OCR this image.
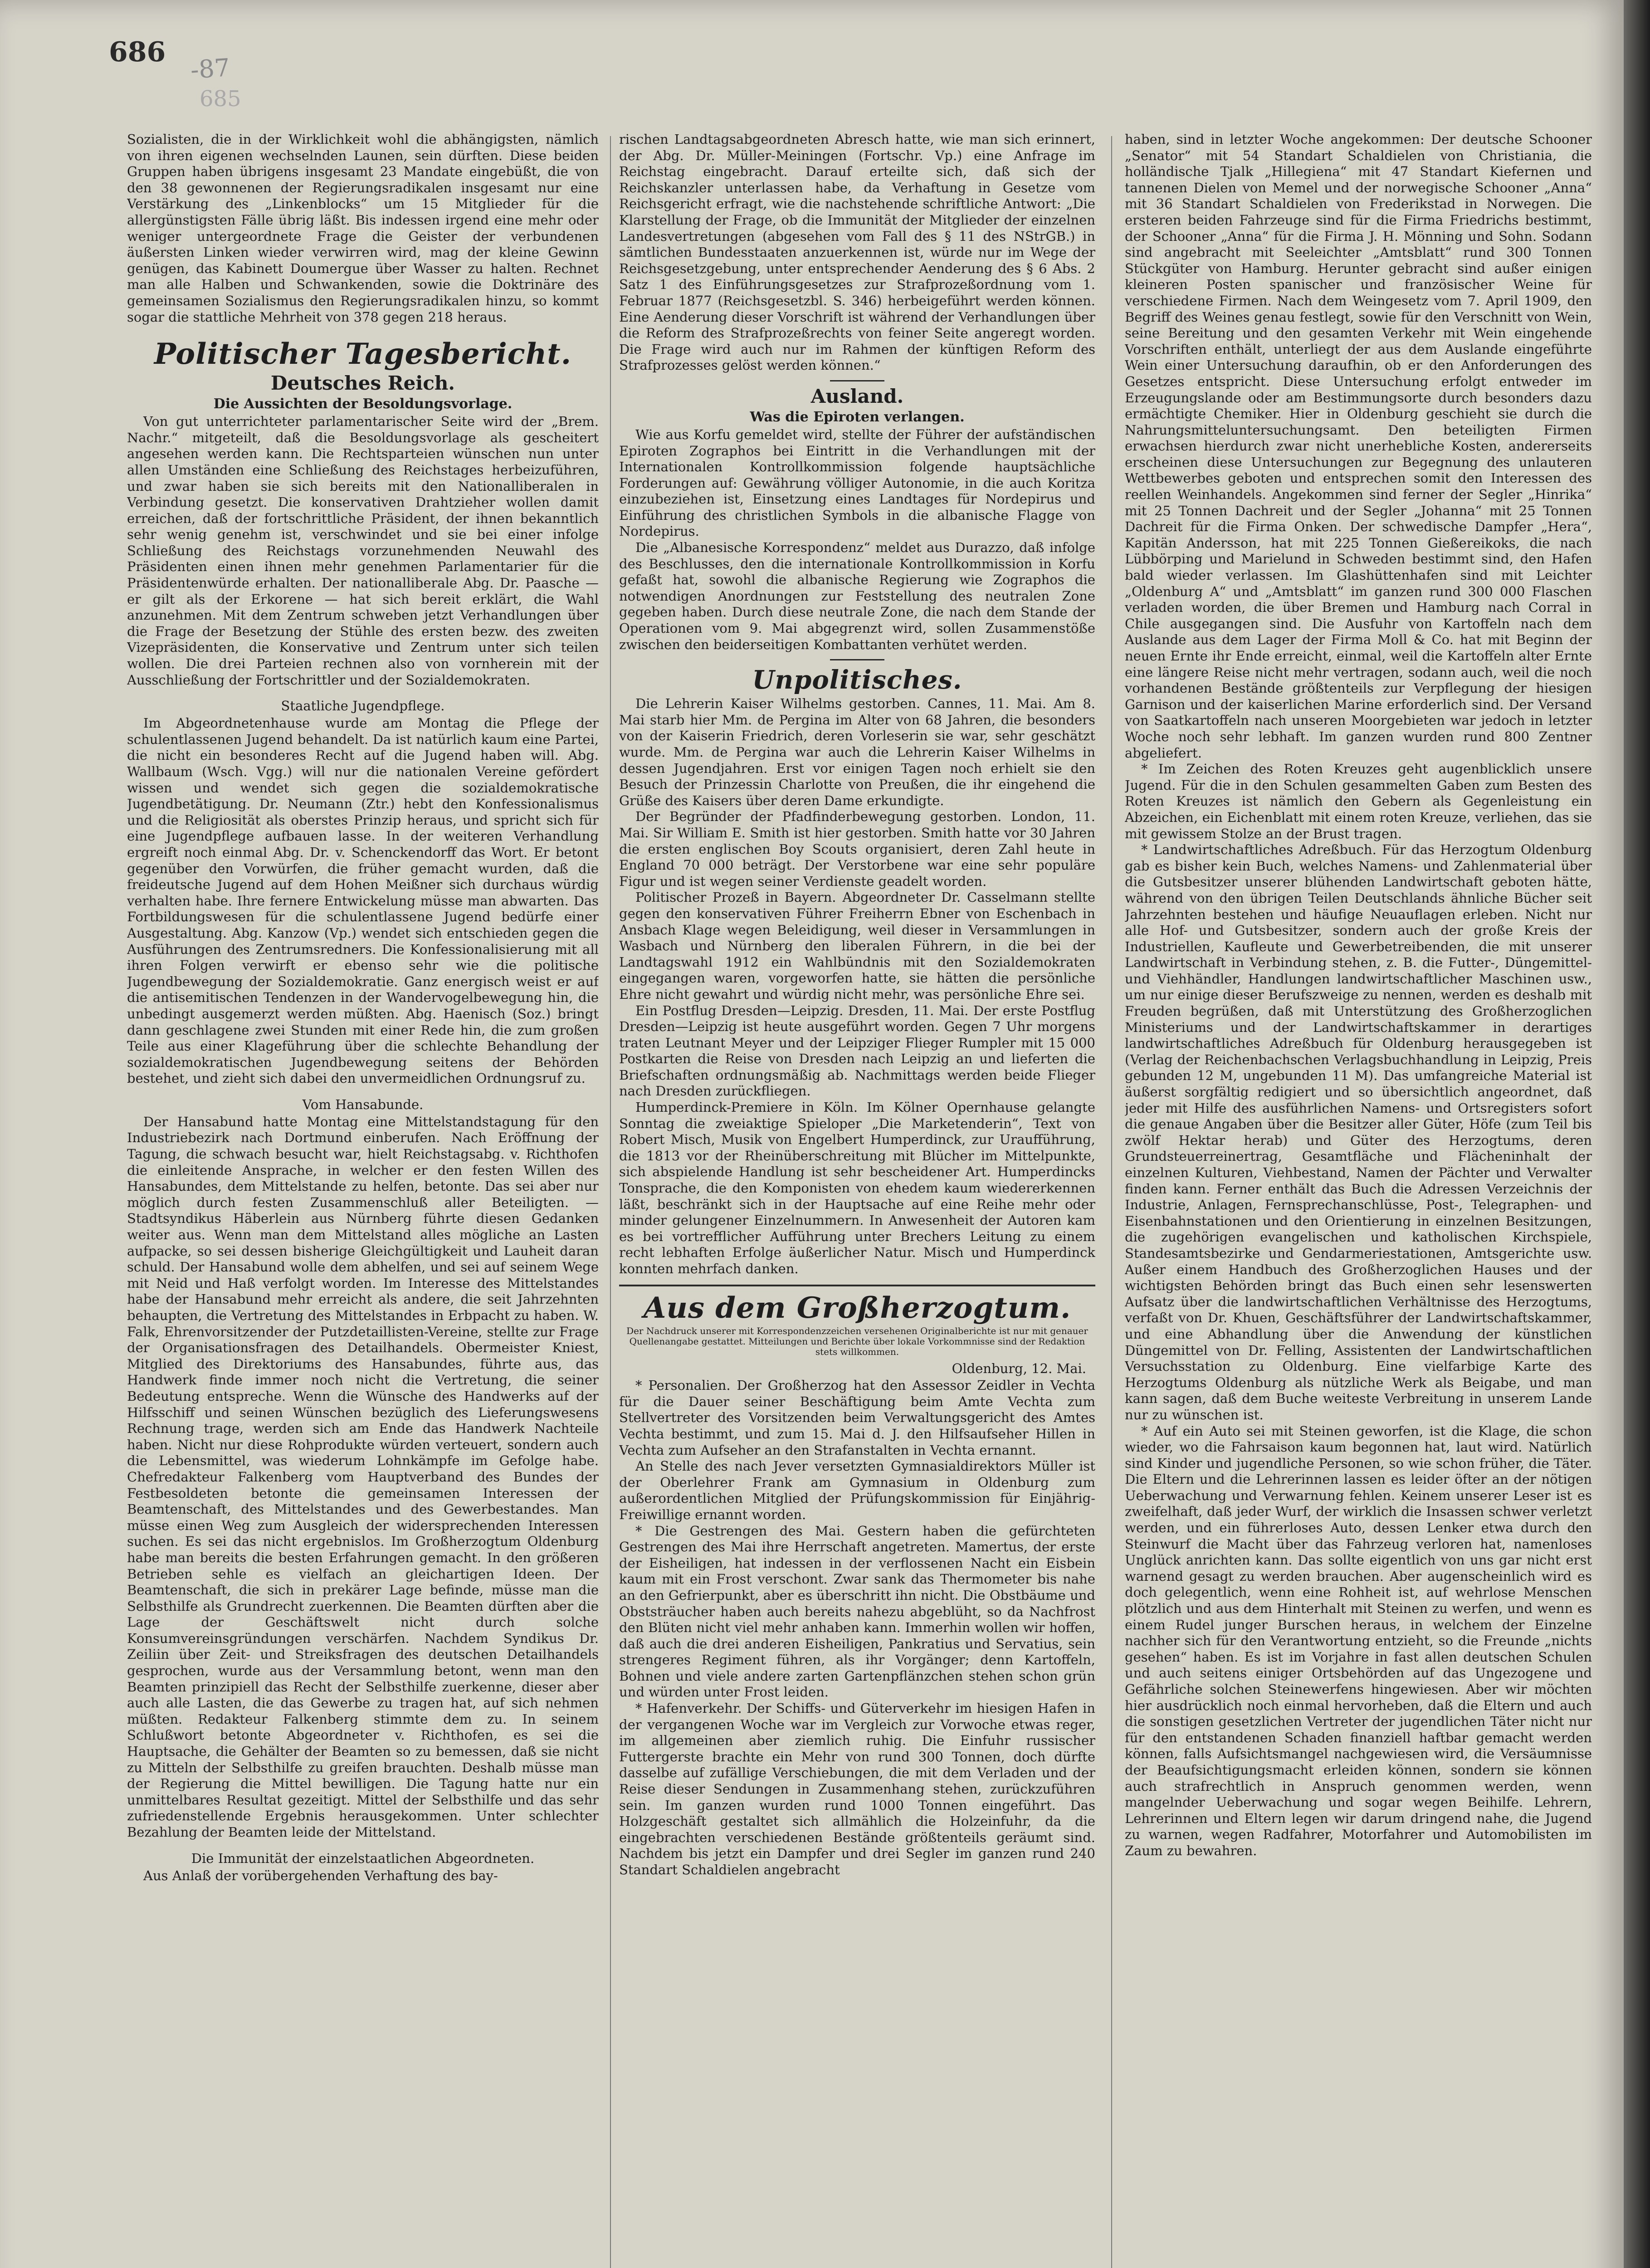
686
-87
685

Sozialisten, die in der Wirklichkeit wohl die abhängigsten, nämlich von ihren eigenen wechselnden Launen, sein dürften. Diese beiden Gruppen haben übrigens insgesamt 23 Mandate eingebüßt, die von den 38 gewonnenen der Regierungsradikalen insgesamt nur eine Verstärkung des „Linkenblocks“ um 15 Mitglieder für die allergünstigsten Fälle übrig läßt. Bis indessen irgend eine mehr oder weniger untergeordnete Frage die Geister der verbundenen äußersten Linken wieder verwirren wird, mag der kleine Gewinn genügen, das Kabinett Doumergue über Wasser zu halten. Rechnet man alle Halben und Schwankenden, sowie die Doktrinäre des gemeinsamen Sozialismus den Regierungsradikalen hinzu, so kommt sogar die stattliche Mehrheit von 378 gegen 218 heraus.

Politischer Tagesbericht.
Deutsches Reich.
Die Aussichten der Besoldungsvorlage.

Von gut unterrichteter parlamentarischer Seite wird der „Brem. Nachr.“ mitgeteilt, daß die Besoldungsvorlage als gescheitert angesehen werden kann. Die Rechtsparteien wünschen nun unter allen Umständen eine Schließung des Reichstages herbeizuführen, und zwar haben sie sich bereits mit den Nationalliberalen in Verbindung gesetzt. Die konservativen Drahtzieher wollen damit erreichen, daß der fortschrittliche Präsident, der ihnen bekanntlich sehr wenig genehm ist, verschwindet und sie bei einer infolge Schließung des Reichstags vorzunehmenden Neuwahl des Präsidenten einen ihnen mehr genehmen Parlamentarier für die Präsidentenwürde erhalten. Der nationalliberale Abg. Dr. Paasche — er gilt als der Erkorene — hat sich bereit erklärt, die Wahl anzunehmen. Mit dem Zentrum schweben jetzt Verhandlungen über die Frage der Besetzung der Stühle des ersten bezw. des zweiten Vizepräsidenten, die Konservative und Zentrum unter sich teilen wollen. Die drei Parteien rechnen also von vornherein mit der Ausschließung der Fortschrittler und der Sozialdemokraten.

Staatliche Jugendpflege.

Im Abgeordnetenhause wurde am Montag die Pflege der schulentlassenen Jugend behandelt. Da ist natürlich kaum eine Partei, die nicht ein besonderes Recht auf die Jugend haben will. Abg. Wallbaum (Wsch. Vgg.) will nur die nationalen Vereine gefördert wissen und wendet sich gegen die sozialdemokratische Jugendbetätigung. Dr. Neumann (Ztr.) hebt den Konfessionalismus und die Religiosität als oberstes Prinzip heraus, und spricht sich für eine Jugendpflege aufbauen lasse. In der weiteren Verhandlung ergreift noch einmal Abg. Dr. v. Schenckendorff das Wort. Er betont gegenüber den Vorwürfen, die früher gemacht wurden, daß die freideutsche Jugend auf dem Hohen Meißner sich durchaus würdig verhalten habe. Ihre fernere Entwickelung müsse man abwarten. Das Fortbildungswesen für die schulentlassene Jugend bedürfe einer Ausgestaltung. Abg. Kanzow (Vp.) wendet sich entschieden gegen die Ausführungen des Zentrumsredners. Die Konfessionalisierung mit all ihren Folgen verwirft er ebenso sehr wie die politische Jugendbewegung der Sozialdemokratie. Ganz energisch weist er auf die antisemitischen Tendenzen in der Wandervogelbewegung hin, die unbedingt ausgemerzt werden müßten. Abg. Haenisch (Soz.) bringt dann geschlagene zwei Stunden mit einer Rede hin, die zum großen Teile aus einer Klageführung über die schlechte Behandlung der sozialdemokratischen Jugendbewegung seitens der Behörden bestehet, und zieht sich dabei den unvermeidlichen Ordnungsruf zu.

Vom Hansabunde.

Der Hansabund hatte Montag eine Mittelstandstagung für den Industriebezirk nach Dortmund einberufen. Nach Eröffnung der Tagung, die schwach besucht war, hielt Reichstagsabg. v. Richthofen die einleitende Ansprache, in welcher er den festen Willen des Hansabundes, dem Mittelstande zu helfen, betonte. Das sei aber nur möglich durch festen Zusammenschluß aller Beteiligten. — Stadtsyndikus Häberlein aus Nürnberg führte diesen Gedanken weiter aus. Wenn man dem Mittelstand alles mögliche an Lasten aufpacke, so sei dessen bisherige Gleichgültigkeit und Lauheit daran schuld. Der Hansabund wolle dem abhelfen, und sei auf seinem Wege mit Neid und Haß verfolgt worden. Im Interesse des Mittelstandes habe der Hansabund mehr erreicht als andere, die seit Jahrzehnten behaupten, die Vertretung des Mittelstandes in Erbpacht zu haben. W. Falk, Ehrenvorsitzender der Putzdetaillisten-Vereine, stellte zur Frage der Organisationsfragen des Detailhandels. Obermeister Kniest, Mitglied des Direktoriums des Hansabundes, führte aus, das Handwerk finde immer noch nicht die Vertretung, die seiner Bedeutung entspreche. Wenn die Wünsche des Handwerks auf der Hilfsschiff und seinen Wünschen bezüglich des Lieferungswesens Rechnung trage, werden sich am Ende das Handwerk Nachteile haben. Nicht nur diese Rohprodukte würden verteuert, sondern auch die Lebensmittel, was wiederum Lohnkämpfe im Gefolge habe. Chefredakteur Falkenberg vom Hauptverband des Bundes der Festbesoldeten betonte die gemeinsamen Interessen der Beamtenschaft, des Mittelstandes und des Gewerbestandes. Man müsse einen Weg zum Ausgleich der widersprechenden Interessen suchen. Es sei das nicht ergebnislos. Im Großherzogtum Oldenburg habe man bereits die besten Erfahrungen gemacht. In den größeren Betrieben sehle es vielfach an gleichartigen Ideen. Der Beamtenschaft, die sich in prekärer Lage befinde, müsse man die Selbsthilfe als Grundrecht zuerkennen. Die Beamten dürften aber die Lage der Geschäftswelt nicht durch solche Konsumvereinsgründungen verschärfen. Nachdem Syndikus Dr. Zeiliin über Zeit- und Streiksfragen des deutschen Detailhandels gesprochen, wurde aus der Versammlung betont, wenn man den Beamten prinzipiell das Recht der Selbsthilfe zuerkenne, dieser aber auch alle Lasten, die das Gewerbe zu tragen hat, auf sich nehmen müßten. Redakteur Falkenberg stimmte dem zu. In seinem Schlußwort betonte Abgeordneter v. Richthofen, es sei die Hauptsache, die Gehälter der Beamten so zu bemessen, daß sie nicht zu Mitteln der Selbsthilfe zu greifen brauchten. Deshalb müsse man der Regierung die Mittel bewilligen. Die Tagung hatte nur ein unmittelbares Resultat gezeitigt. Mittel der Selbsthilfe und das sehr zufriedenstellende Ergebnis herausgekommen. Unter schlechter Bezahlung der Beamten leide der Mittelstand.

Die Immunität der einzelstaatlichen Abgeordneten.

Aus Anlaß der vorübergehenden Verhaftung des bay-

rischen Landtagsabgeordneten Abresch hatte, wie man sich erinnert, der Abg. Dr. Müller-Meiningen (Fortschr. Vp.) eine Anfrage im Reichstag eingebracht. Darauf erteilte sich, daß sich der Reichskanzler unterlassen habe, da Verhaftung in Gesetze vom Reichsgericht erfragt, wie die nachstehende schriftliche Antwort: „Die Klarstellung der Frage, ob die Immunität der Mitglieder der einzelnen Landesvertretungen (abgesehen vom Fall des § 11 des NStrGB.) in sämtlichen Bundesstaaten anzuerkennen ist, würde nur im Wege der Reichsgesetzgebung, unter entsprechender Aenderung des § 6 Abs. 2 Satz 1 des Einführungsgesetzes zur Strafprozeßordnung vom 1. Februar 1877 (Reichsgesetzbl. S. 346) herbeigeführt werden können. Eine Aenderung dieser Vorschrift ist während der Verhandlungen über die Reform des Strafprozeßrechts von feiner Seite angeregt worden. Die Frage wird auch nur im Rahmen der künftigen Reform des Strafprozesses gelöst werden können.“

Ausland.
Was die Epiroten verlangen.

Wie aus Korfu gemeldet wird, stellte der Führer der aufständischen Epiroten Zographos bei Eintritt in die Verhandlungen mit der Internationalen Kontrollkommission folgende hauptsächliche Forderungen auf: Gewährung völliger Autonomie, in die auch Koritza einzubeziehen ist, Einsetzung eines Landtages für Nordepirus und Einführung des christlichen Symbols in die albanische Flagge von Nordepirus.

Die „Albanesische Korrespondenz“ meldet aus Durazzo, daß infolge des Beschlusses, den die internationale Kontrollkommission in Korfu gefaßt hat, sowohl die albanische Regierung wie Zographos die notwendigen Anordnungen zur Feststellung des neutralen Zone gegeben haben. Durch diese neutrale Zone, die nach dem Stande der Operationen vom 9. Mai abgegrenzt wird, sollen Zusammenstöße zwischen den beiderseitigen Kombattanten verhütet werden.

Unpolitisches.

Die Lehrerin Kaiser Wilhelms gestorben. Cannes, 11. Mai. Am 8. Mai starb hier Mm. de Pergina im Alter von 68 Jahren, die besonders von der Kaiserin Friedrich, deren Vorleserin sie war, sehr geschätzt wurde. Mm. de Pergina war auch die Lehrerin Kaiser Wilhelms in dessen Jugendjahren. Erst vor einigen Tagen noch erhielt sie den Besuch der Prinzessin Charlotte von Preußen, die ihr eingehend die Grüße des Kaisers über deren Dame erkundigte.

Der Begründer der Pfadfinderbewegung gestorben. London, 11. Mai. Sir William E. Smith ist hier gestorben. Smith hatte vor 30 Jahren die ersten englischen Boy Scouts organisiert, deren Zahl heute in England 70 000 beträgt. Der Verstorbene war eine sehr populäre Figur und ist wegen seiner Verdienste geadelt worden.

Politischer Prozeß in Bayern. Abgeordneter Dr. Casselmann stellte gegen den konservativen Führer Freiherrn Ebner von Eschenbach in Ansbach Klage wegen Beleidigung, weil dieser in Versammlungen in Wasbach und Nürnberg den liberalen Führern, in die bei der Landtagswahl 1912 ein Wahlbündnis mit den Sozialdemokraten eingegangen waren, vorgeworfen hatte, sie hätten die persönliche Ehre nicht gewahrt und würdig nicht mehr, was persönliche Ehre sei.

Ein Postflug Dresden—Leipzig. Dresden, 11. Mai. Der erste Postflug Dresden—Leipzig ist heute ausgeführt worden. Gegen 7 Uhr morgens traten Leutnant Meyer und der Leipziger Flieger Rumpler mit 15 000 Postkarten die Reise von Dresden nach Leipzig an und lieferten die Briefschaften ordnungsmäßig ab. Nachmittags werden beide Flieger nach Dresden zurückfliegen.

Humperdinck-Premiere in Köln. Im Kölner Opernhause gelangte Sonntag die zweiaktige Spieloper „Die Marketenderin“, Text von Robert Misch, Musik von Engelbert Humperdinck, zur Uraufführung, die 1813 vor der Rheinüberschreitung mit Blücher im Mittelpunkte, sich abspielende Handlung ist sehr bescheidener Art. Humperdincks Tonsprache, die den Komponisten von ehedem kaum wiedererkennen läßt, beschränkt sich in der Hauptsache auf eine Reihe mehr oder minder gelungener Einzelnummern. In Anwesenheit der Autoren kam es bei vortrefflicher Aufführung unter Brechers Leitung zu einem recht lebhaften Erfolge äußerlicher Natur. Misch und Humperdinck konnten mehrfach danken.

Aus dem Großherzogtum.
Der Nachdruck unserer mit Korrespondenzzeichen versehenen Originalberichte ist nur mit genauer Quellenangabe gestattet. Mitteilungen und Berichte über lokale Vorkommnisse sind der Redaktion stets willkommen.
Oldenburg, 12. Mai.

* Personalien. Der Großherzog hat den Assessor Zeidler in Vechta für die Dauer seiner Beschäftigung beim Amte Vechta zum Stellvertreter des Vorsitzenden beim Verwaltungsgericht des Amtes Vechta bestimmt, und zum 15. Mai d. J. den Hilfsaufseher Hillen in Vechta zum Aufseher an den Strafanstalten in Vechta ernannt.

An Stelle des nach Jever versetzten Gymnasialdirektors Müller ist der Oberlehrer Frank am Gymnasium in Oldenburg zum außerordentlichen Mitglied der Prüfungskommission für Einjährig-Freiwillige ernannt worden.

* Die Gestrengen des Mai. Gestern haben die gefürchteten Gestrengen des Mai ihre Herrschaft angetreten. Mamertus, der erste der Eisheiligen, hat indessen in der verflossenen Nacht ein Eisbein kaum mit ein Frost verschont. Zwar sank das Thermometer bis nahe an den Gefrierpunkt, aber es überschritt ihn nicht. Die Obstbäume und Obststräucher haben auch bereits nahezu abgeblüht, so da Nachfrost den Blüten nicht viel mehr anhaben kann. Immerhin wollen wir hoffen, daß auch die drei anderen Eisheiligen, Pankratius und Servatius, sein strengeres Regiment führen, als ihr Vorgänger; denn Kartoffeln, Bohnen und viele andere zarten Gartenpflänzchen stehen schon grün und würden unter Frost leiden.

* Hafenverkehr. Der Schiffs- und Güterverkehr im hiesigen Hafen in der vergangenen Woche war im Vergleich zur Vorwoche etwas reger, im allgemeinen aber ziemlich ruhig. Die Einfuhr russischer Futtergerste brachte ein Mehr von rund 300 Tonnen, doch dürfte dasselbe auf zufällige Verschiebungen, die mit dem Verladen und der Reise dieser Sendungen in Zusammenhang stehen, zurückzuführen sein. Im ganzen wurden rund 1000 Tonnen eingeführt. Das Holzgeschäft gestaltet sich allmählich die Holzeinfuhr, da die eingebrachten verschiedenen Bestände größtenteils geräumt sind. Nachdem bis jetzt ein Dampfer und drei Segler im ganzen rund 240 Standart Schaldielen angebracht

haben, sind in letzter Woche angekommen: Der deutsche Schooner „Senator“ mit 54 Standart Schaldielen von Christiania, die holländische Tjalk „Hillegiena“ mit 47 Standart Kiefernen und tannenen Dielen von Memel und der norwegische Schooner „Anna“ mit 36 Standart Schaldielen von Frederikstad in Norwegen. Die ersteren beiden Fahrzeuge sind für die Firma Friedrichs bestimmt, der Schooner „Anna“ für die Firma J. H. Mönning und Sohn. Sodann sind angebracht mit Seeleichter „Amtsblatt“ rund 300 Tonnen Stückgüter von Hamburg. Herunter gebracht sind außer einigen kleineren Posten spanischer und französischer Weine für verschiedene Firmen. Nach dem Weingesetz vom 7. April 1909, den Begriff des Weines genau festlegt, sowie für den Verschnitt von Wein, seine Bereitung und den gesamten Verkehr mit Wein eingehende Vorschriften enthält, unterliegt der aus dem Auslande eingeführte Wein einer Untersuchung daraufhin, ob er den Anforderungen des Gesetzes entspricht. Diese Untersuchung erfolgt entweder im Erzeugungslande oder am Bestimmungsorte durch besonders dazu ermächtigte Chemiker. Hier in Oldenburg geschieht sie durch die Nahrungsmitteluntersuchungsamt. Den beteiligten Firmen erwachsen hierdurch zwar nicht unerhebliche Kosten, andererseits erscheinen diese Untersuchungen zur Begegnung des unlauteren Wettbewerbes geboten und entsprechen somit den Interessen des reellen Weinhandels. Angekommen sind ferner der Segler „Hinrika“ mit 25 Tonnen Dachreit und der Segler „Johanna“ mit 25 Tonnen Dachreit für die Firma Onken. Der schwedische Dampfer „Hera“, Kapitän Andersson, hat mit 225 Tonnen Gießereikoks, die nach Lübbörping und Marielund in Schweden bestimmt sind, den Hafen bald wieder verlassen. Im Glashüttenhafen sind mit Leichter „Oldenburg A“ und „Amtsblatt“ im ganzen rund 300 000 Flaschen verladen worden, die über Bremen und Hamburg nach Corral in Chile ausgegangen sind. Die Ausfuhr von Kartoffeln nach dem Auslande aus dem Lager der Firma Moll & Co. hat mit Beginn der neuen Ernte ihr Ende erreicht, einmal, weil die Kartoffeln alter Ernte eine längere Reise nicht mehr vertragen, sodann auch, weil die noch vorhandenen Bestände größtenteils zur Verpflegung der hiesigen Garnison und der kaiserlichen Marine erforderlich sind. Der Versand von Saatkartoffeln nach unseren Moorgebieten war jedoch in letzter Woche noch sehr lebhaft. Im ganzen wurden rund 800 Zentner abgeliefert.

* Im Zeichen des Roten Kreuzes geht augenblicklich unsere Jugend. Für die in den Schulen gesammelten Gaben zum Besten des Roten Kreuzes ist nämlich den Gebern als Gegenleistung ein Abzeichen, ein Eichenblatt mit einem roten Kreuze, verliehen, das sie mit gewissem Stolze an der Brust tragen.

* Landwirtschaftliches Adreßbuch. Für das Herzogtum Oldenburg gab es bisher kein Buch, welches Namens- und Zahlenmaterial über die Gutsbesitzer unserer blühenden Landwirtschaft geboten hätte, während von den übrigen Teilen Deutschlands ähnliche Bücher seit Jahrzehnten bestehen und häufige Neuauflagen erleben. Nicht nur alle Hof- und Gutsbesitzer, sondern auch der große Kreis der Industriellen, Kaufleute und Gewerbetreibenden, die mit unserer Landwirtschaft in Verbindung stehen, z. B. die Futter-, Düngemittel- und Viehhändler, Handlungen landwirtschaftlicher Maschinen usw., um nur einige dieser Berufszweige zu nennen, werden es deshalb mit Freuden begrüßen, daß mit Unterstützung des Großherzoglichen Ministeriums und der Landwirtschaftskammer in derartiges landwirtschaftliches Adreßbuch für Oldenburg herausgegeben ist (Verlag der Reichenbachschen Verlagsbuchhandlung in Leipzig, Preis gebunden 12 M, ungebunden 11 M). Das umfangreiche Material ist äußerst sorgfältig redigiert und so übersichtlich angeordnet, daß jeder mit Hilfe des ausführlichen Namens- und Ortsregisters sofort die genaue Angaben über die Besitzer aller Güter, Höfe (zum Teil bis zwölf Hektar herab) und Güter des Herzogtums, deren Grundsteuerreinertrag, Gesamtfläche und Flächeninhalt der einzelnen Kulturen, Viehbestand, Namen der Pächter und Verwalter finden kann. Ferner enthält das Buch die Adressen Verzeichnis der Industrie, Anlagen, Fernsprechanschlüsse, Post-, Telegraphen- und Eisenbahnstationen und den Orientierung in einzelnen Besitzungen, die zugehörigen evangelischen und katholischen Kirchspiele, Standesamtsbezirke und Gendarmeriestationen, Amtsgerichte usw. Außer einem Handbuch des Großherzoglichen Hauses und der wichtigsten Behörden bringt das Buch einen sehr lesenswerten Aufsatz über die landwirtschaftlichen Verhältnisse des Herzogtums, verfaßt von Dr. Khuen, Geschäftsführer der Landwirtschaftskammer, und eine Abhandlung über die Anwendung der künstlichen Düngemittel von Dr. Felling, Assistenten der Landwirtschaftlichen Versuchsstation zu Oldenburg. Eine vielfarbige Karte des Herzogtums Oldenburg als nützliche Werk als Beigabe, und man kann sagen, daß dem Buche weiteste Verbreitung in unserem Lande nur zu wünschen ist.

* Auf ein Auto sei mit Steinen geworfen, ist die Klage, die schon wieder, wo die Fahrsaison kaum begonnen hat, laut wird. Natürlich sind Kinder und jugendliche Personen, so wie schon früher, die Täter. Die Eltern und die Lehrerinnen lassen es leider öfter an der nötigen Ueberwachung und Verwarnung fehlen. Keinem unserer Leser ist es zweifelhaft, daß jeder Wurf, der wirklich die Insassen schwer verletzt werden, und ein führerloses Auto, dessen Lenker etwa durch den Steinwurf die Macht über das Fahrzeug verloren hat, namenloses Unglück anrichten kann. Das sollte eigentlich von uns gar nicht erst warnend gesagt zu werden brauchen. Aber augenscheinlich wird es doch gelegentlich, wenn eine Rohheit ist, auf wehrlose Menschen plötzlich und aus dem Hinterhalt mit Steinen zu werfen, und wenn es einem Rudel junger Burschen heraus, in welchem der Einzelne nachher sich für den Verantwortung entzieht, so die Freunde „nichts gesehen“ haben. Es ist im Vorjahre in fast allen deutschen Schulen und auch seitens einiger Ortsbehörden auf das Ungezogene und Gefährliche solchen Steinewerfens hingewiesen. Aber wir möchten hier ausdrücklich noch einmal hervorheben, daß die Eltern und auch die sonstigen gesetzlichen Vertreter der jugendlichen Täter nicht nur für den entstandenen Schaden finanziell haftbar gemacht werden können, falls Aufsichtsmangel nachgewiesen wird, die Versäumnisse der Beaufsichtigungsmacht erleiden können, sondern sie können auch strafrechtlich in Anspruch genommen werden, wenn mangelnder Ueberwachung und sogar wegen Beihilfe. Lehrern, Lehrerinnen und Eltern legen wir darum dringend nahe, die Jugend zu warnen, wegen Radfahrer, Motorfahrer und Automobilisten im Zaum zu bewahren.
